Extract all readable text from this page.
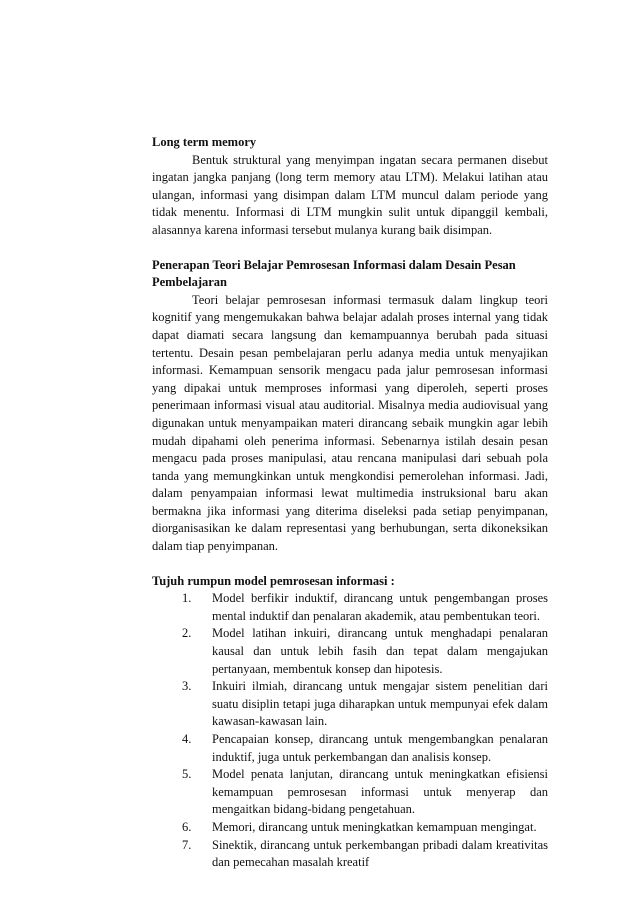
Long term memory

Bentuk struktural yang menyimpan ingatan secara permanen disebut ingatan jangka panjang (long term memory atau LTM). Melakui latihan atau ulangan, informasi yang disimpan dalam LTM muncul dalam periode yang tidak menentu. Informasi di LTM mungkin sulit untuk dipanggil kembali, alasannya karena informasi tersebut mulanya kurang baik disimpan.

Penerapan Teori Belajar Pemrosesan Informasi dalam Desain Pesan Pembelajaran

Teori belajar pemrosesan informasi termasuk dalam lingkup teori kognitif yang mengemukakan bahwa belajar adalah proses internal yang tidak dapat diamati secara langsung dan kemampuannya berubah pada situasi tertentu. Desain pesan pembelajaran perlu adanya media untuk menyajikan informasi. Kemampuan sensorik mengacu pada jalur pemrosesan informasi yang dipakai untuk memproses informasi yang diperoleh, seperti proses penerimaan informasi visual atau auditorial. Misalnya media audiovisual yang digunakan untuk menyampaikan materi dirancang sebaik mungkin agar lebih mudah dipahami oleh penerima informasi. Sebenarnya istilah desain pesan mengacu pada proses manipulasi, atau rencana manipulasi dari sebuah pola tanda yang memungkinkan untuk mengkondisi pemerolehan informasi. Jadi, dalam penyampaian informasi lewat multimedia instruksional baru akan bermakna jika informasi yang diterima diseleksi pada setiap penyimpanan, diorganisasikan ke dalam representasi yang berhubungan, serta dikoneksikan dalam tiap penyimpanan.

Tujuh rumpun model pemrosesan informasi :

1. Model berfikir induktif, dirancang untuk pengembangan proses mental induktif dan penalaran akademik, atau pembentukan teori.
2. Model latihan inkuiri, dirancang untuk menghadapi penalaran kausal dan untuk lebih fasih dan tepat dalam mengajukan pertanyaan, membentuk konsep dan hipotesis.
3. Inkuiri ilmiah, dirancang untuk mengajar sistem penelitian dari suatu disiplin tetapi juga diharapkan untuk mempunyai efek dalam kawasan-kawasan lain.
4. Pencapaian konsep, dirancang untuk mengembangkan penalaran induktif, juga untuk perkembangan dan analisis konsep.
5. Model penata lanjutan, dirancang untuk meningkatkan efisiensi kemampuan pemrosesan informasi untuk menyerap dan mengaitkan bidang-bidang pengetahuan.
6. Memori, dirancang untuk meningkatkan kemampuan mengingat.
7. Sinektik, dirancang untuk perkembangan pribadi dalam kreativitas dan pemecahan masalah kreatif
